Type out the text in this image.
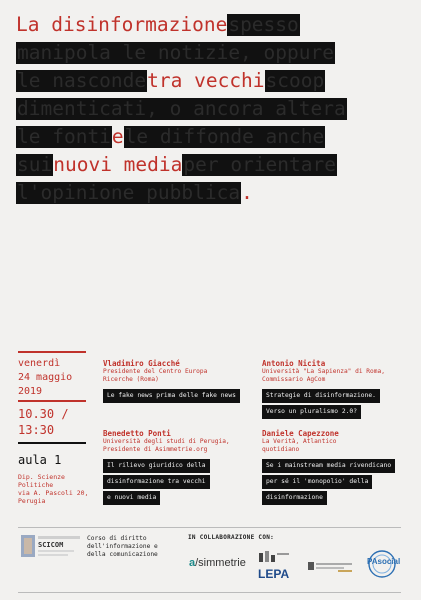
La disinformazionespesso
manipola le notizie, oppure
le nascondetra vecchiscoop
dimenticati, o ancora altera
le fontiele diffonde anche
suinuovi mediaper orientare
l'opinione pubblica.
venerdì
24 maggio
2019
10.30 /
13:30
aula 1
Dip. Scienze
Politiche
via A. Pascoli 20,
Perugia
Vladimiro Giacché
Presidente del Centro Europa
Ricerche (Roma)
Le fake news prima delle fake news
Antonio Nicita
Università "La Sapienza" di Roma,
Commissario AgCom
Strategie di disinformazione.
Verso un pluralismo 2.0?
Benedetto Ponti
Università degli studi di Perugia,
Presidente di Asimmetrie.org
Il rilievo giuridico della
disinformazione tra vecchi
e nuovi media
Daniele Capezzone
La Verità, Atlantico
quotidiano
Se i mainstream media rivendicano
per sé il 'monopolio' della
disinformazione
SCICOM
Corso di diritto
dell'informazione e
della comunicazione
IN COLLABORAZIONE CON:
a/simmetrie
LEPA
PAsocial
